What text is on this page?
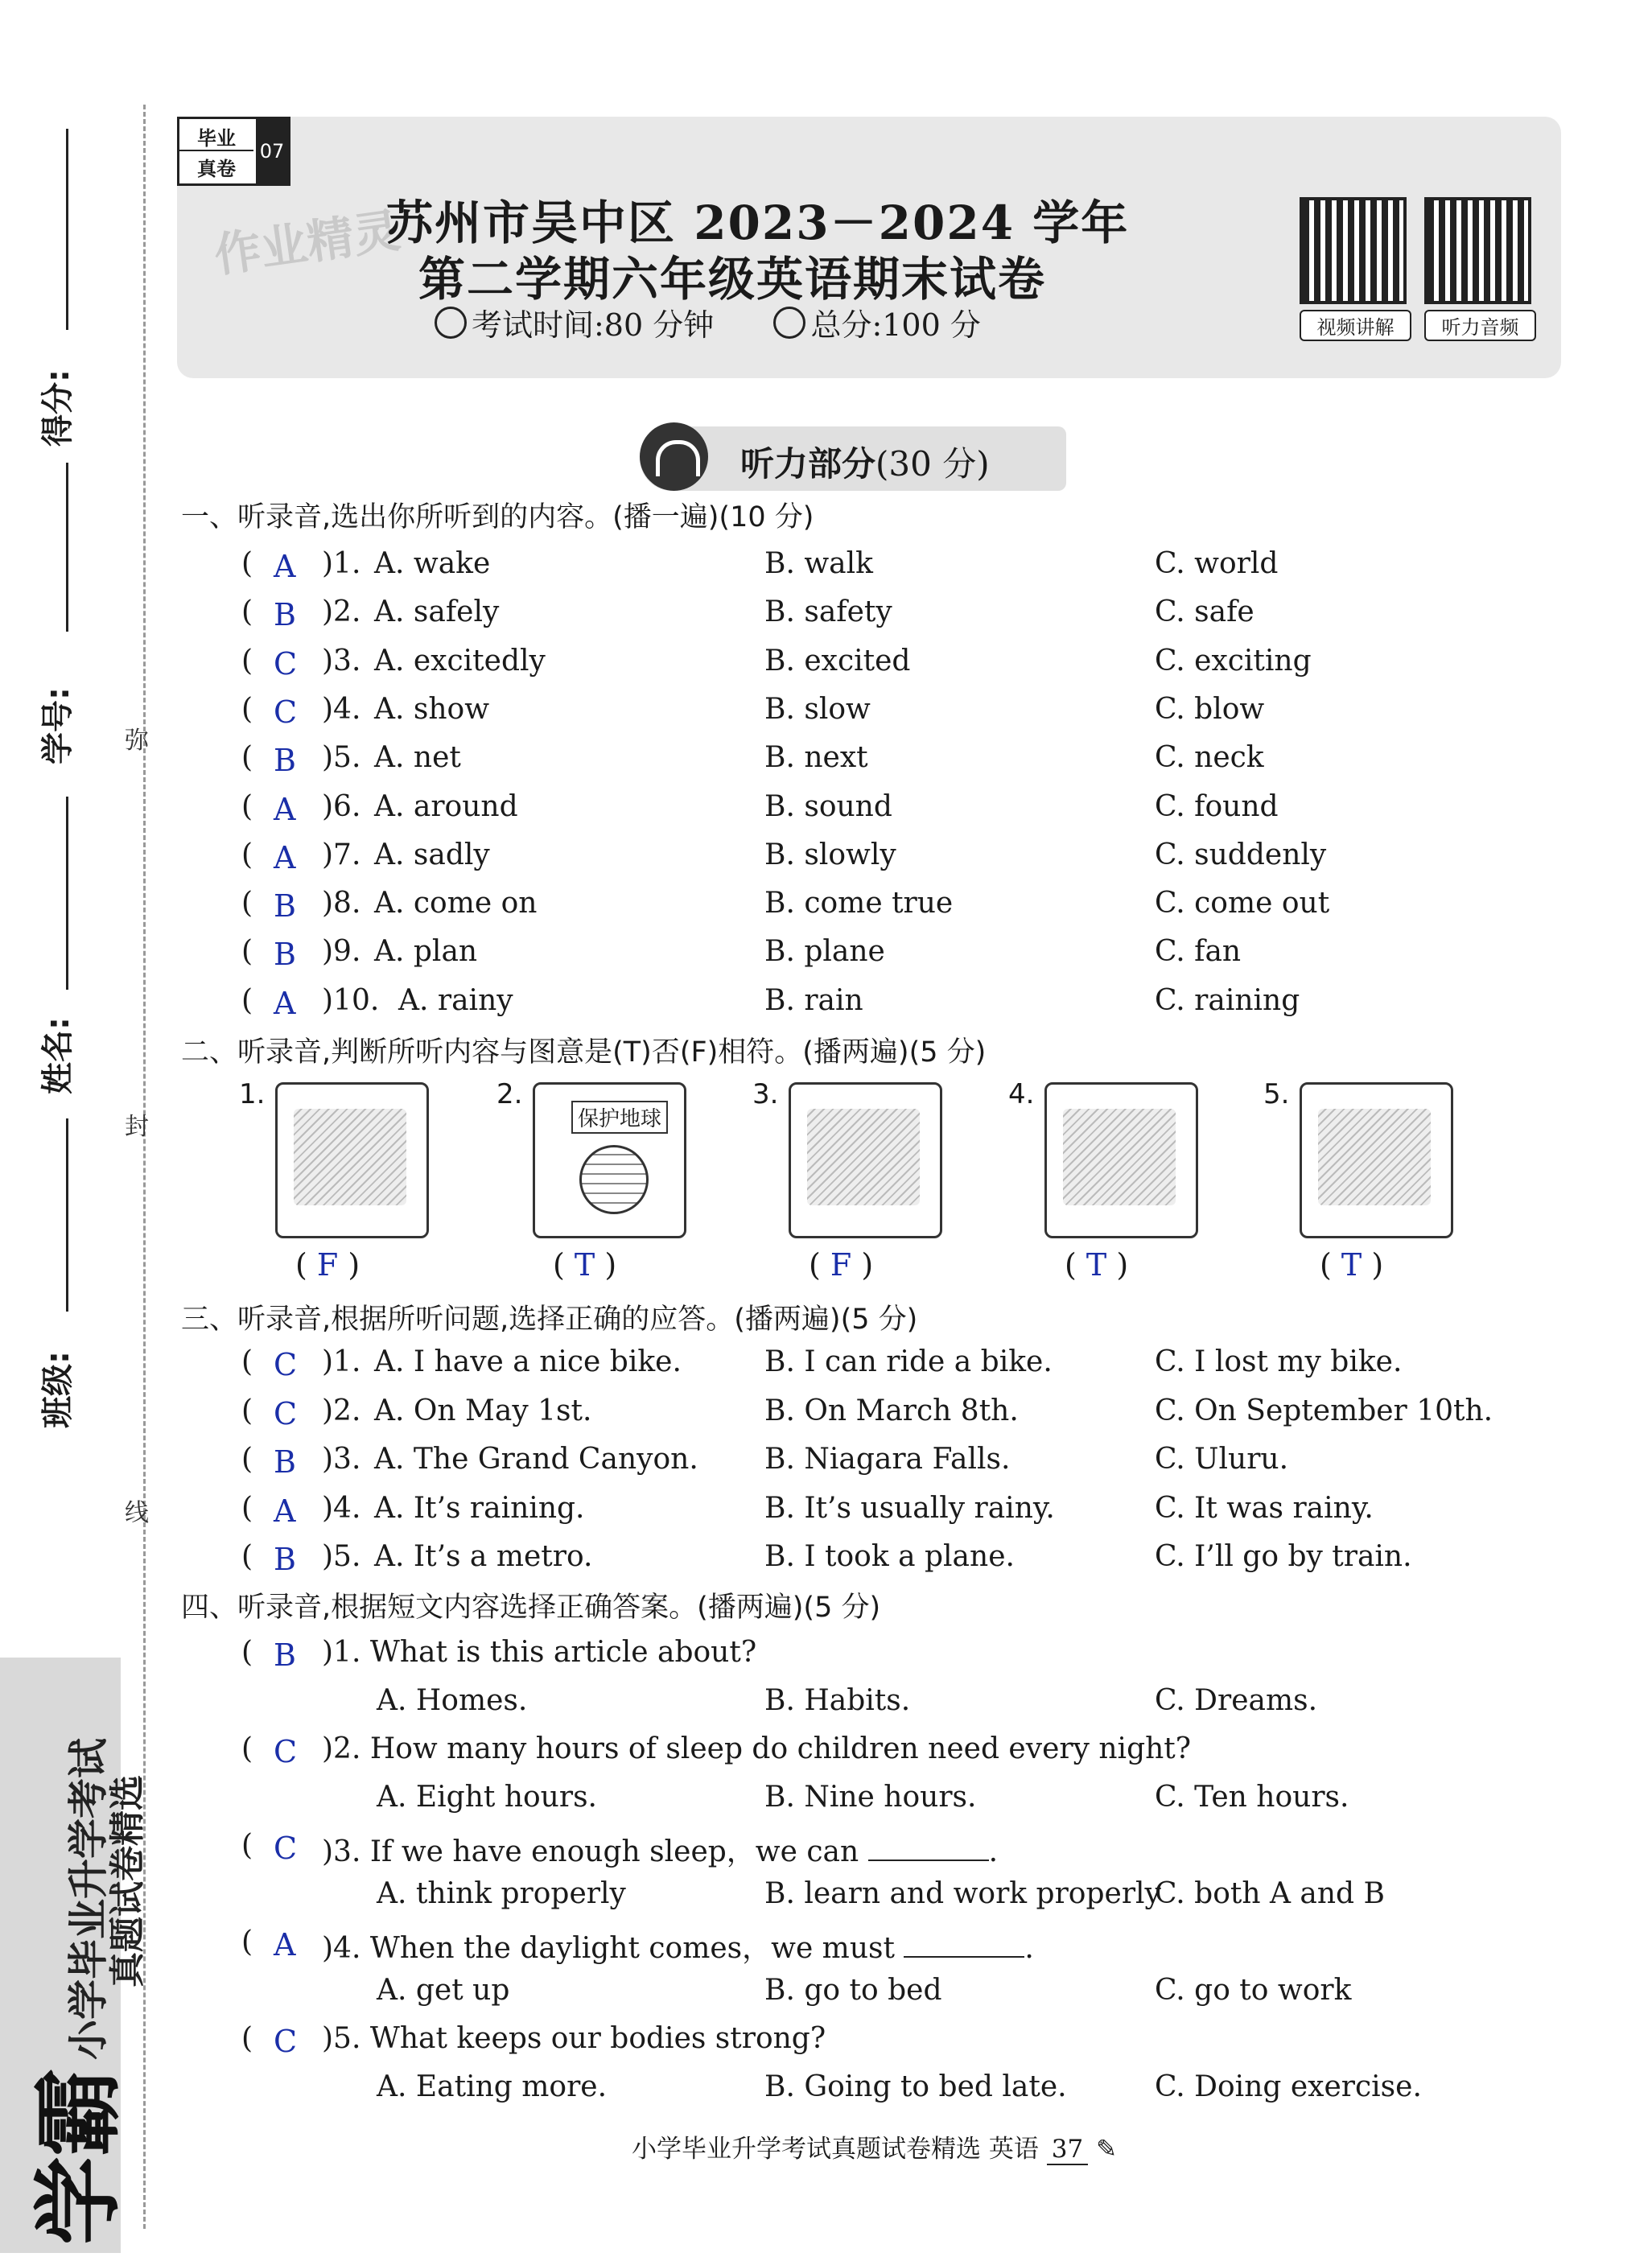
得分:
学号:
姓名:
班级:
弥
封
线
学霸
小学毕业升学考试
真题试卷精选
毕业
真卷
07
作业精灵
苏州市吴中区 2023－2024 学年
第二学期六年级英语期末试卷
考试时间:80 分钟	总分:100 分	视频讲解	听力音频
听力部分(30 分)
一、听录音,选出你所听到的内容。(播一遍)(10 分)
二、听录音,判断所听内容与图意是(T)否(F)相符。(播两遍)(5 分)
三、听录音,根据所听问题,选择正确的应答。(播两遍)(5 分)
四、听录音,根据短文内容选择正确答案。(播两遍)(5 分)
( A )1. A. wake	B. walk	C. world
( B )2. A. safely	B. safety	C. safe
( C )3. A. excitedly	B. excited	C. exciting
( C )4. A. show	B. slow	C. blow
( B )5. A. net	B. next	C. neck
( A )6. A. around	B. sound	C. found
( A )7. A. sadly	B. slowly	C. suddenly
( B )8. A. come on	B. come true	C. come out
( B )9. A. plan	B. plane	C. fan
( A )10. A. rainy	B. rain	C. raining
1.
( F )
2.
保护地球
( T )
3.
( F )
4.
( T )
5.
( T )
( C )1. A. I have a nice bike.	B. I can ride a bike.	C. I lost my bike.
( C )2. A. On May 1st.	B. On March 8th.	C. On September 10th.
( B )3. A. The Grand Canyon. B. Niagara Falls.	C. Uluru.
( A )4. A. It’s raining.	B. It’s usually rainy.	C. It was rainy.
( B )5. A. It’s a metro.	B. I took a plane.	C. I’ll go by train.
( B )1. What is this article about?
A. Homes.	B. Habits.	C. Dreams.
( C )2. How many hours of sleep do children need every night?
A. Eight hours.	B. Nine hours.	C. Ten hours.
( C )3. If we have enough sleep，we can	.
A. think properly	B. learn and work properly
C. both A and B
( A )4. When the daylight comes，we must	.
A. get up	B. go to bed	C. go to work
( C )5. What keeps our bodies strong?
A. Eating more.	B. Going to bed late.	C. Doing exercise.
小学毕业升学考试真题试卷精选 英语 37 ✎
